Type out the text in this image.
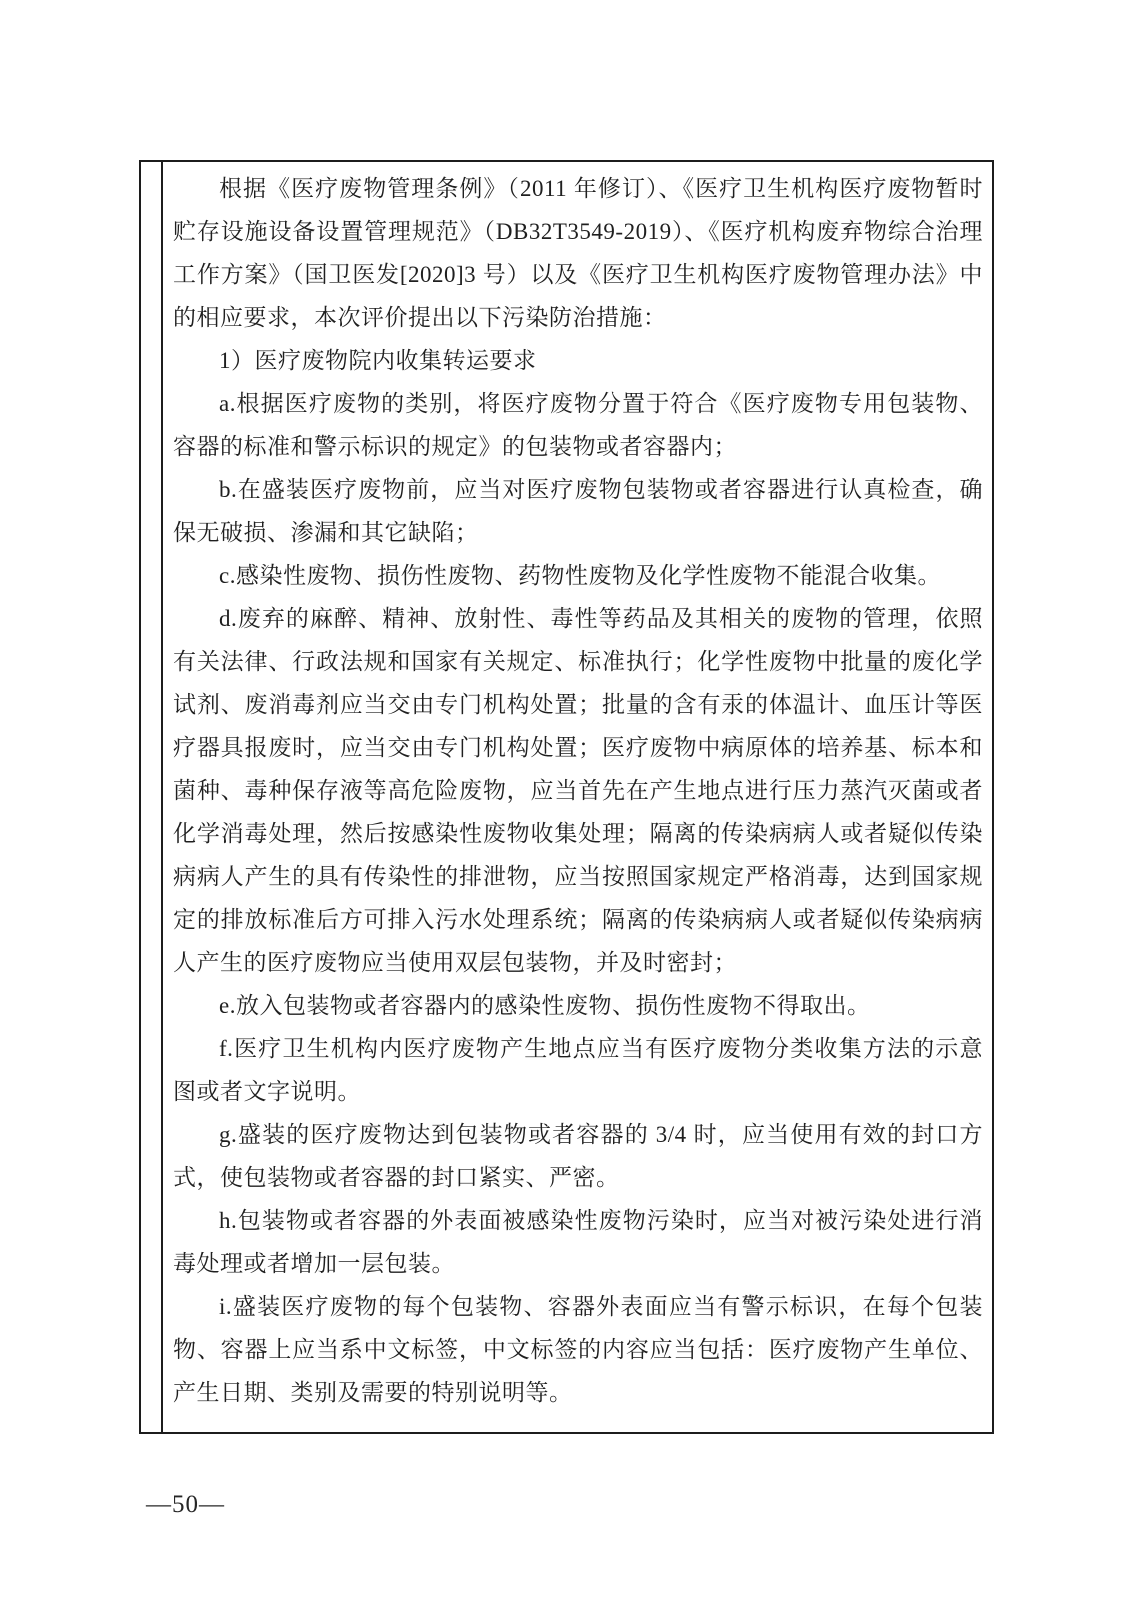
根据《医疗废物管理条例》（2011 年修订）、《医疗卫生机构医疗废物暂时贮存设施设备设置管理规范》（DB32T3549-2019）、《医疗机构废弃物综合治理工作方案》（国卫医发[2020]3 号）以及《医疗卫生机构医疗废物管理办法》中的相应要求，本次评价提出以下污染防治措施：

1）医疗废物院内收集转运要求

a.根据医疗废物的类别，将医疗废物分置于符合《医疗废物专用包装物、容器的标准和警示标识的规定》的包装物或者容器内；

b.在盛装医疗废物前，应当对医疗废物包装物或者容器进行认真检查，确保无破损、渗漏和其它缺陷；

c.感染性废物、损伤性废物、药物性废物及化学性废物不能混合收集。

d.废弃的麻醉、精神、放射性、毒性等药品及其相关的废物的管理，依照有关法律、行政法规和国家有关规定、标准执行；化学性废物中批量的废化学试剂、废消毒剂应当交由专门机构处置；批量的含有汞的体温计、血压计等医疗器具报废时，应当交由专门机构处置；医疗废物中病原体的培养基、标本和菌种、毒种保存液等高危险废物，应当首先在产生地点进行压力蒸汽灭菌或者化学消毒处理，然后按感染性废物收集处理；隔离的传染病病人或者疑似传染病病人产生的具有传染性的排泄物，应当按照国家规定严格消毒，达到国家规定的排放标准后方可排入污水处理系统；隔离的传染病病人或者疑似传染病病人产生的医疗废物应当使用双层包装物，并及时密封；

e.放入包装物或者容器内的感染性废物、损伤性废物不得取出。

f.医疗卫生机构内医疗废物产生地点应当有医疗废物分类收集方法的示意图或者文字说明。

g.盛装的医疗废物达到包装物或者容器的 3/4 时，应当使用有效的封口方式，使包装物或者容器的封口紧实、严密。

h.包装物或者容器的外表面被感染性废物污染时，应当对被污染处进行消毒处理或者增加一层包装。

i.盛装医疗废物的每个包装物、容器外表面应当有警示标识，在每个包装物、容器上应当系中文标签，中文标签的内容应当包括：医疗废物产生单位、产生日期、类别及需要的特别说明等。

—50—
